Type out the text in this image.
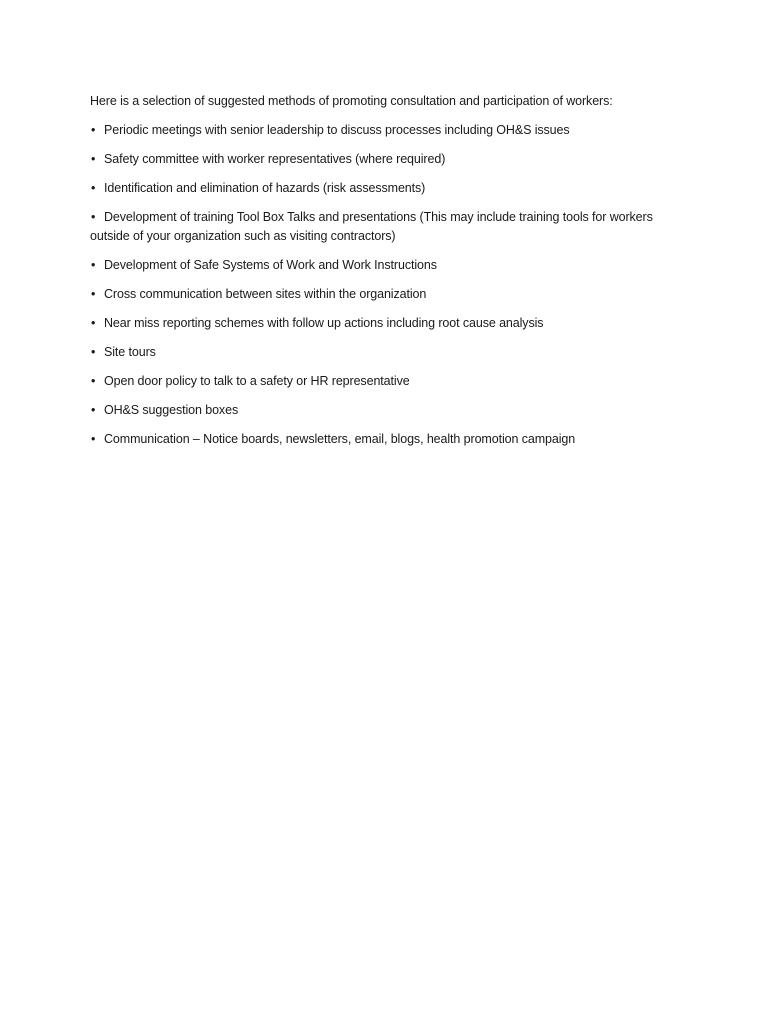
Here is a selection of suggested methods of promoting consultation and participation of workers:

• Periodic meetings with senior leadership to discuss processes including OH&S issues
• Safety committee with worker representatives (where required)
• Identification and elimination of hazards (risk assessments)
• Development of training Tool Box Talks and presentations (This may include training tools for workers outside of your organization such as visiting contractors)
• Development of Safe Systems of Work and Work Instructions
• Cross communication between sites within the organization
• Near miss reporting schemes with follow up actions including root cause analysis
• Site tours
• Open door policy to talk to a safety or HR representative
• OH&S suggestion boxes
• Communication – Notice boards, newsletters, email, blogs, health promotion campaign
